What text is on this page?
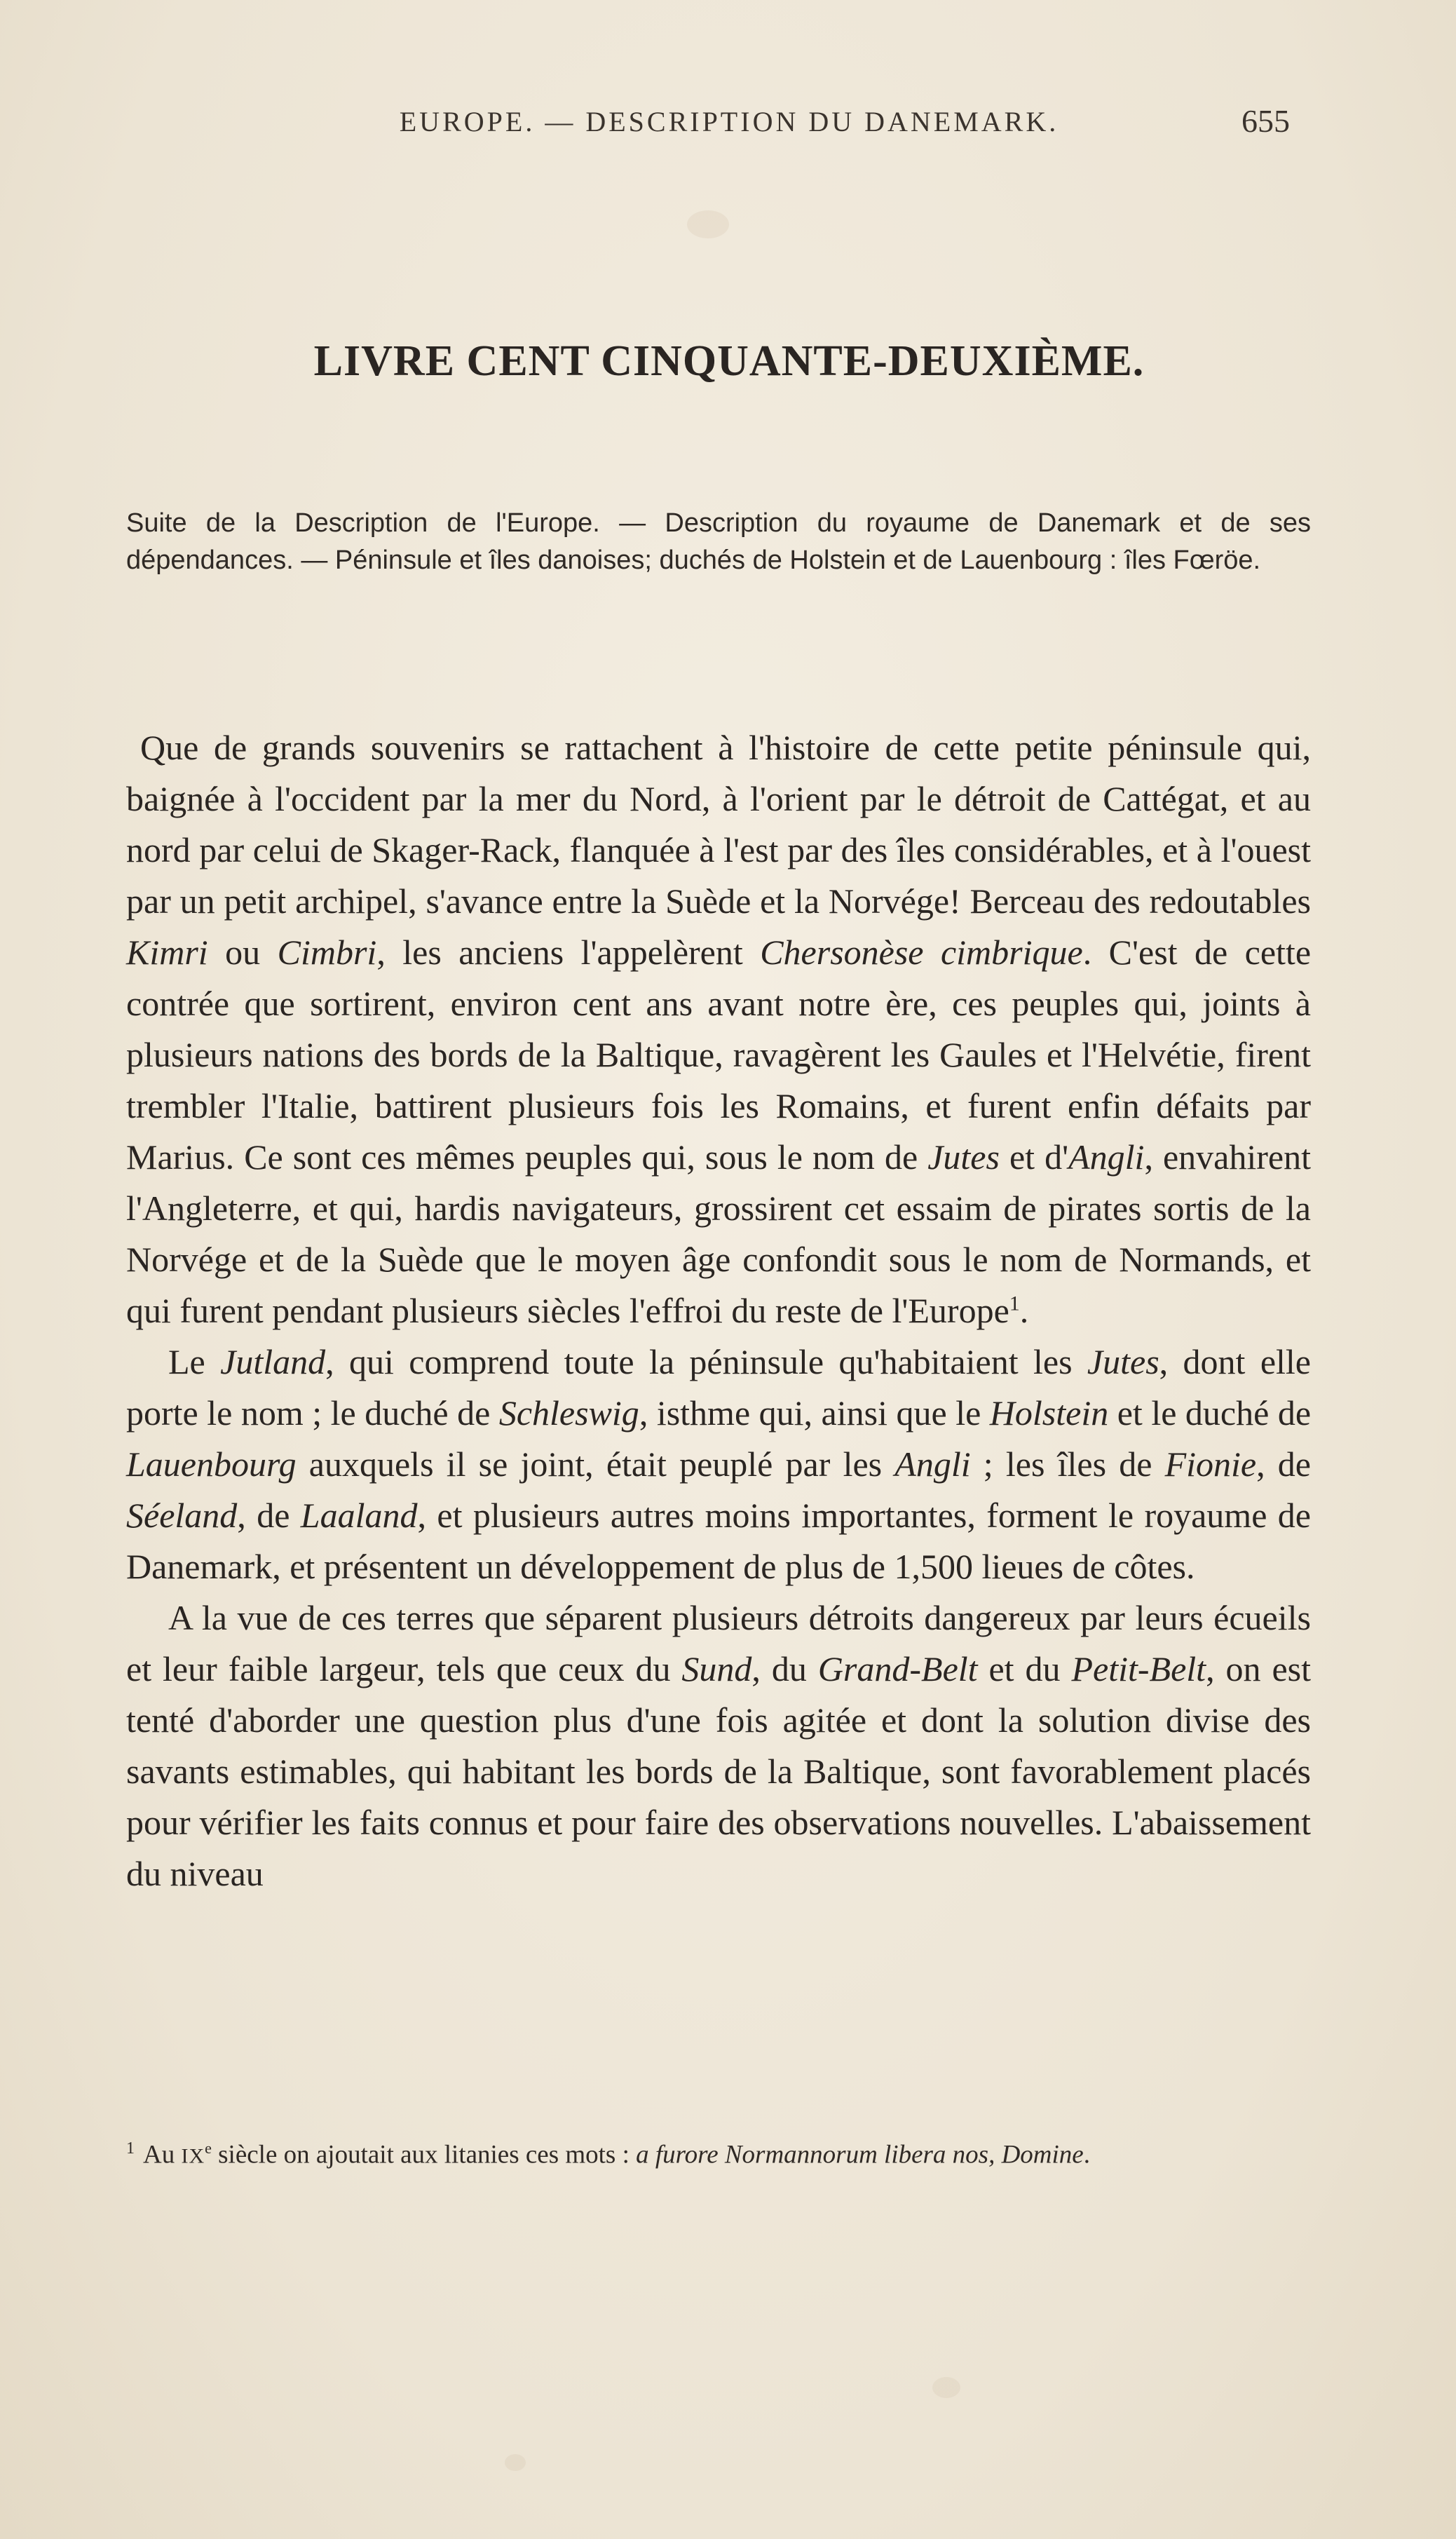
EUROPE. — DESCRIPTION DU DANEMARK.	655
LIVRE CENT CINQUANTE-DEUXIÈME.
Suite de la Description de l'Europe. — Description du royaume de Danemark et de ses dépendances. — Péninsule et îles danoises; duchés de Holstein et de Lauenbourg : îles Fœröe.

Que de grands souvenirs se rattachent à l'histoire de cette petite péninsule qui, baignée à l'occident par la mer du Nord, à l'orient par le détroit de Cattégat, et au nord par celui de Skager-Rack, flanquée à l'est par des îles considérables, et à l'ouest par un petit archipel, s'avance entre la Suède et la Norvége! Berceau des redoutables Kimri ou Cimbri, les anciens l'appelèrent Chersonèse cimbrique. C'est de cette contrée que sortirent, environ cent ans avant notre ère, ces peuples qui, joints à plusieurs nations des bords de la Baltique, ravagèrent les Gaules et l'Helvétie, firent trembler l'Italie, battirent plusieurs fois les Romains, et furent enfin défaits par Marius. Ce sont ces mêmes peuples qui, sous le nom de Jutes et d'Angli, envahirent l'Angleterre, et qui, hardis navigateurs, grossirent cet essaim de pirates sortis de la Norvége et de la Suède que le moyen âge confondit sous le nom de Normands, et qui furent pendant plusieurs siècles l'effroi du reste de l'Europe$^1$.

Le Jutland, qui comprend toute la péninsule qu'habitaient les Jutes, dont elle porte le nom ; le duché de Schleswig, isthme qui, ainsi que le Holstein et le duché de Lauenbourg auxquels il se joint, était peuplé par les Angli ; les îles de Fionie, de Séeland, de Laaland, et plusieurs autres moins importantes, forment le royaume de Danemark, et présentent un développement de plus de 1,500 lieues de côtes.

A la vue de ces terres que séparent plusieurs détroits dangereux par leurs écueils et leur faible largeur, tels que ceux du Sund, du Grand-Belt et du Petit-Belt, on est tenté d'aborder une question plus d'une fois agitée et dont la solution divise des savants estimables, qui habitant les bords de la Baltique, sont favorablement placés pour vérifier les faits connus et pour faire des observations nouvelles. L'abaissement du niveau

$^1$ Au IXe siècle on ajoutait aux litanies ces mots : a furore Normannorum libera nos, Domine.
